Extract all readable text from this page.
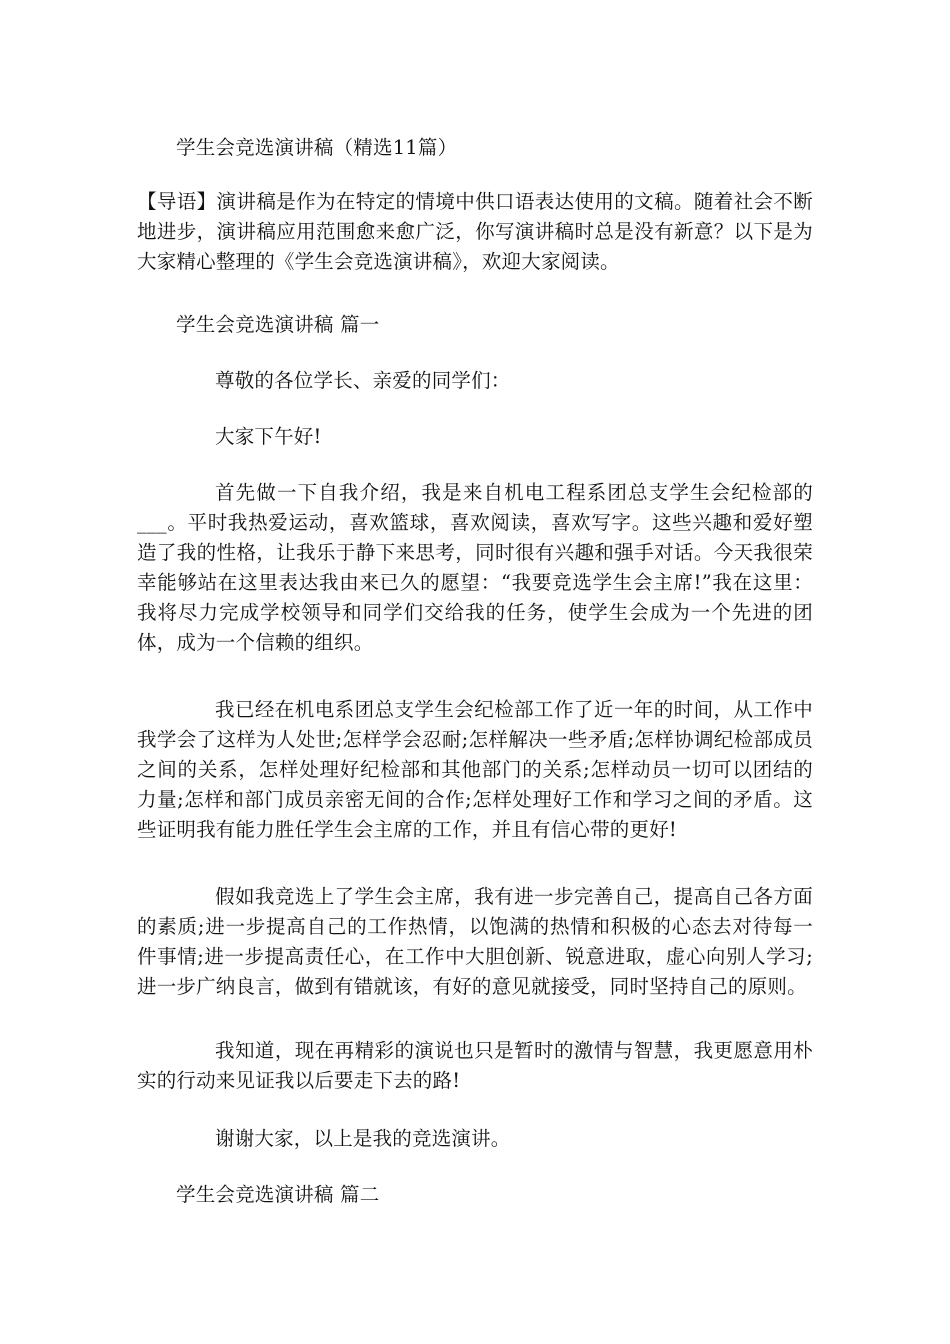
学生会竞选演讲稿（精选11篇）
【导语】演讲稿是作为在特定的情境中供口语表达使用的文稿。随着社会不断地进步，演讲稿应用范围愈来愈广泛，你写演讲稿时总是没有新意？以下是为大家精心整理的《学生会竞选演讲稿》，欢迎大家阅读。
学生会竞选演讲稿 篇一
尊敬的各位学长、亲爱的同学们：
大家下午好!
首先做一下自我介绍，我是来自机电工程系团总支学生会纪检部的___。平时我热爱运动，喜欢篮球，喜欢阅读，喜欢写字。这些兴趣和爱好塑造了我的性格，让我乐于静下来思考，同时很有兴趣和强手对话。今天我很荣幸能够站在这里表达我由来已久的愿望：“我要竞选学生会主席!”我在这里：我将尽力完成学校领导和同学们交给我的任务，使学生会成为一个先进的团体，成为一个信赖的组织。
我已经在机电系团总支学生会纪检部工作了近一年的时间，从工作中我学会了这样为人处世;怎样学会忍耐;怎样解决一些矛盾;怎样协调纪检部成员之间的关系，怎样处理好纪检部和其他部门的关系;怎样动员一切可以团结的力量;怎样和部门成员亲密无间的合作;怎样处理好工作和学习之间的矛盾。这些证明我有能力胜任学生会主席的工作，并且有信心带的更好!
假如我竞选上了学生会主席，我有进一步完善自己，提高自己各方面的素质;进一步提高自己的工作热情，以饱满的热情和积极的心态去对待每一件事情;进一步提高责任心，在工作中大胆创新、锐意进取，虚心向别人学习;进一步广纳良言，做到有错就该，有好的意见就接受，同时坚持自己的原则。
我知道，现在再精彩的演说也只是暂时的激情与智慧，我更愿意用朴实的行动来见证我以后要走下去的路!
谢谢大家，以上是我的竞选演讲。
学生会竞选演讲稿 篇二
